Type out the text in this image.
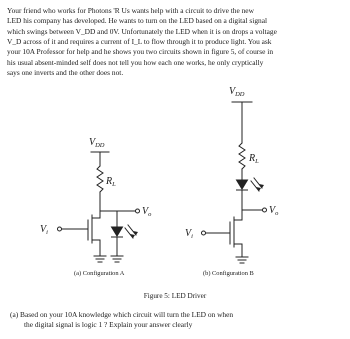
Your friend who works for Photons 'R Us wants help with a circuit to drive the new
LED his company has developed. He wants to turn on the LED based on a digital signal
which swings between V_DD and 0V. Unfortunately the LED when it is on drops a voltage
V_D across of it and requires a current of I_L to flow through it to produce light. You ask
your 10A Professor for help and he shows you two circuits shown in figure 5, of course in
his usual absent-minded self does not tell you how each one works, he only cryptically
says one inverts and the other does not.
$V_{DD}$
$R_L$
$V_o$
$V_i$
$V_{DD}$
$R_L$
$V_o$
$V_i$
(a) Configuration A	(b) Configuration B
Figure 5: LED Driver
(a) Based on your 10A knowledge which circuit will turn the LED on when
the digital signal is logic 1 ? Explain your answer clearly
